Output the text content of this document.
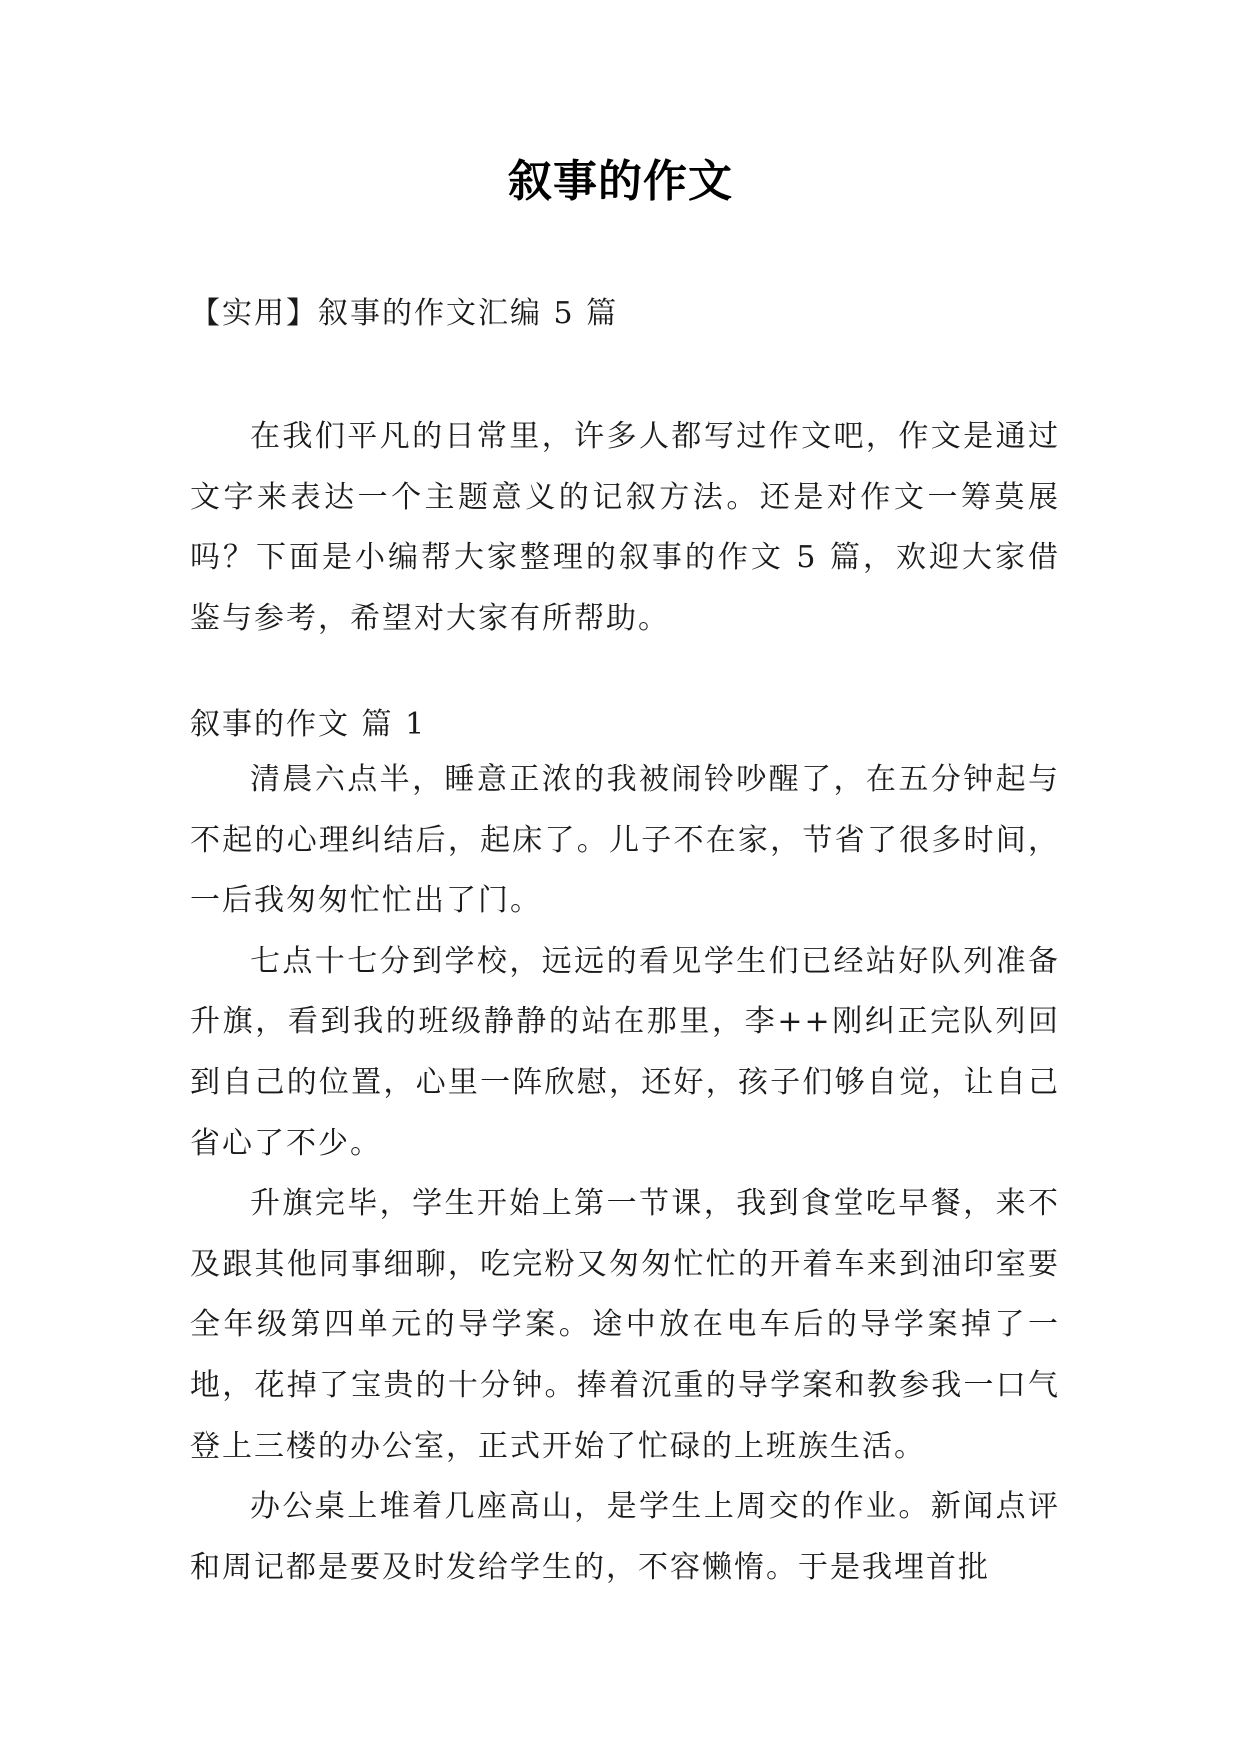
叙事的作文
【实用】叙事的作文汇编 5 篇

在我们平凡的日常里，许多人都写过作文吧，作文是通过文字来表达一个主题意义的记叙方法。还是对作文一筹莫展吗？下面是小编帮大家整理的叙事的作文 5 篇，欢迎大家借鉴与参考，希望对大家有所帮助。

叙事的作文 篇 1

清晨六点半，睡意正浓的我被闹铃吵醒了，在五分钟起与不起的心理纠结后，起床了。儿子不在家，节省了很多时间，一后我匆匆忙忙出了门。

七点十七分到学校，远远的看见学生们已经站好队列准备升旗，看到我的班级静静的站在那里，李++刚纠正完队列回到自己的位置，心里一阵欣慰，还好，孩子们够自觉，让自己省心了不少。

升旗完毕，学生开始上第一节课，我到食堂吃早餐，来不及跟其他同事细聊，吃完粉又匆匆忙忙的开着车来到油印室要全年级第四单元的导学案。途中放在电车后的导学案掉了一地，花掉了宝贵的十分钟。捧着沉重的导学案和教参我一口气登上三楼的办公室，正式开始了忙碌的上班族生活。

办公桌上堆着几座高山，是学生上周交的作业。新闻点评和周记都是要及时发给学生的，不容懒惰。于是我埋首批
